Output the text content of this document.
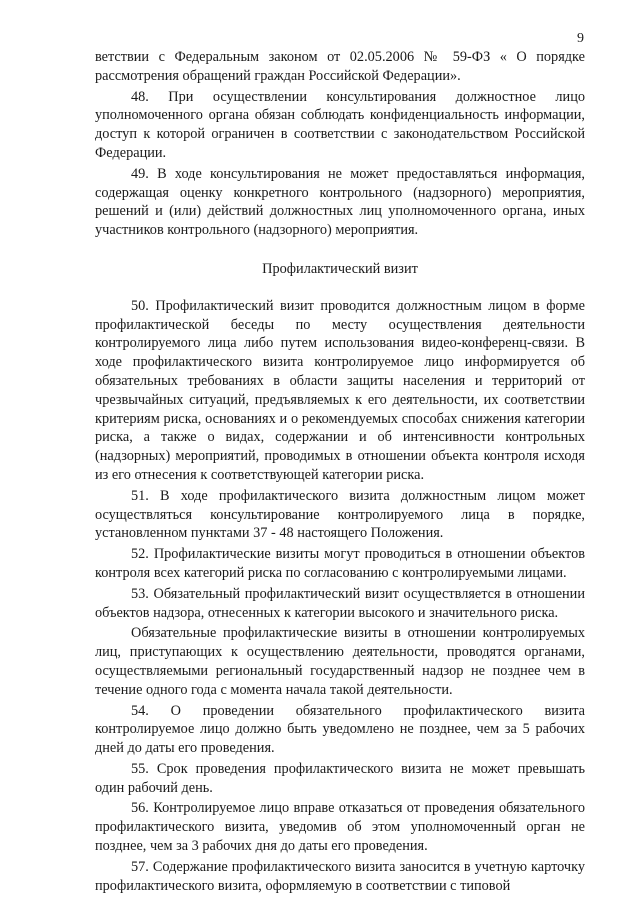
9

ветствии с Федеральным законом от 02.05.2006 № 59-ФЗ « О порядке рассмотрения обращений граждан Российской Федерации».

48. При осуществлении консультирования должностное лицо уполномоченного органа обязан соблюдать конфиденциальность информации, доступ к которой ограничен в соответствии с законодательством Российской Федерации.

49. В ходе консультирования не может предоставляться информация, содержащая оценку конкретного контрольного (надзорного) мероприятия, решений и (или) действий должностных лиц уполномоченного органа, иных участников контрольного (надзорного) мероприятия.

Профилактический визит

50. Профилактический визит проводится должностным лицом в форме профилактической беседы по месту осуществления деятельности контролируемого лица либо путем использования видео-конференц-связи. В ходе профилактического визита контролируемое лицо информируется об обязательных требованиях в области защиты населения и территорий от чрезвычайных ситуаций, предъявляемых к его деятельности, их соответствии критериям риска, основаниях и о рекомендуемых способах снижения категории риска, а также о видах, содержании и об интенсивности контрольных (надзорных) мероприятий, проводимых в отношении объекта контроля исходя из его отнесения к соответствующей категории риска.

51. В ходе профилактического визита должностным лицом может осуществляться консультирование контролируемого лица в порядке, установленном пунктами 37 - 48 настоящего Положения.

52. Профилактические визиты могут проводиться в отношении объектов контроля всех категорий риска по согласованию с контролируемыми лицами.

53. Обязательный профилактический визит осуществляется в отношении объектов надзора, отнесенных к категории высокого и значительного риска.

Обязательные профилактические визиты в отношении контролируемых лиц, приступающих к осуществлению деятельности, проводятся органами, осуществляемыми региональный государственный надзор не позднее чем в течение одного года с момента начала такой деятельности.

54. О проведении обязательного профилактического визита контролируемое лицо должно быть уведомлено не позднее, чем за 5 рабочих дней до даты его проведения.

55. Срок проведения профилактического визита не может превышать один рабочий день.

56. Контролируемое лицо вправе отказаться от проведения обязательного профилактического визита, уведомив об этом уполномоченный орган не позднее, чем за 3 рабочих дня до даты его проведения.

57. Содержание профилактического визита заносится в учетную карточку профилактического визита, оформляемую в соответствии с типовой
